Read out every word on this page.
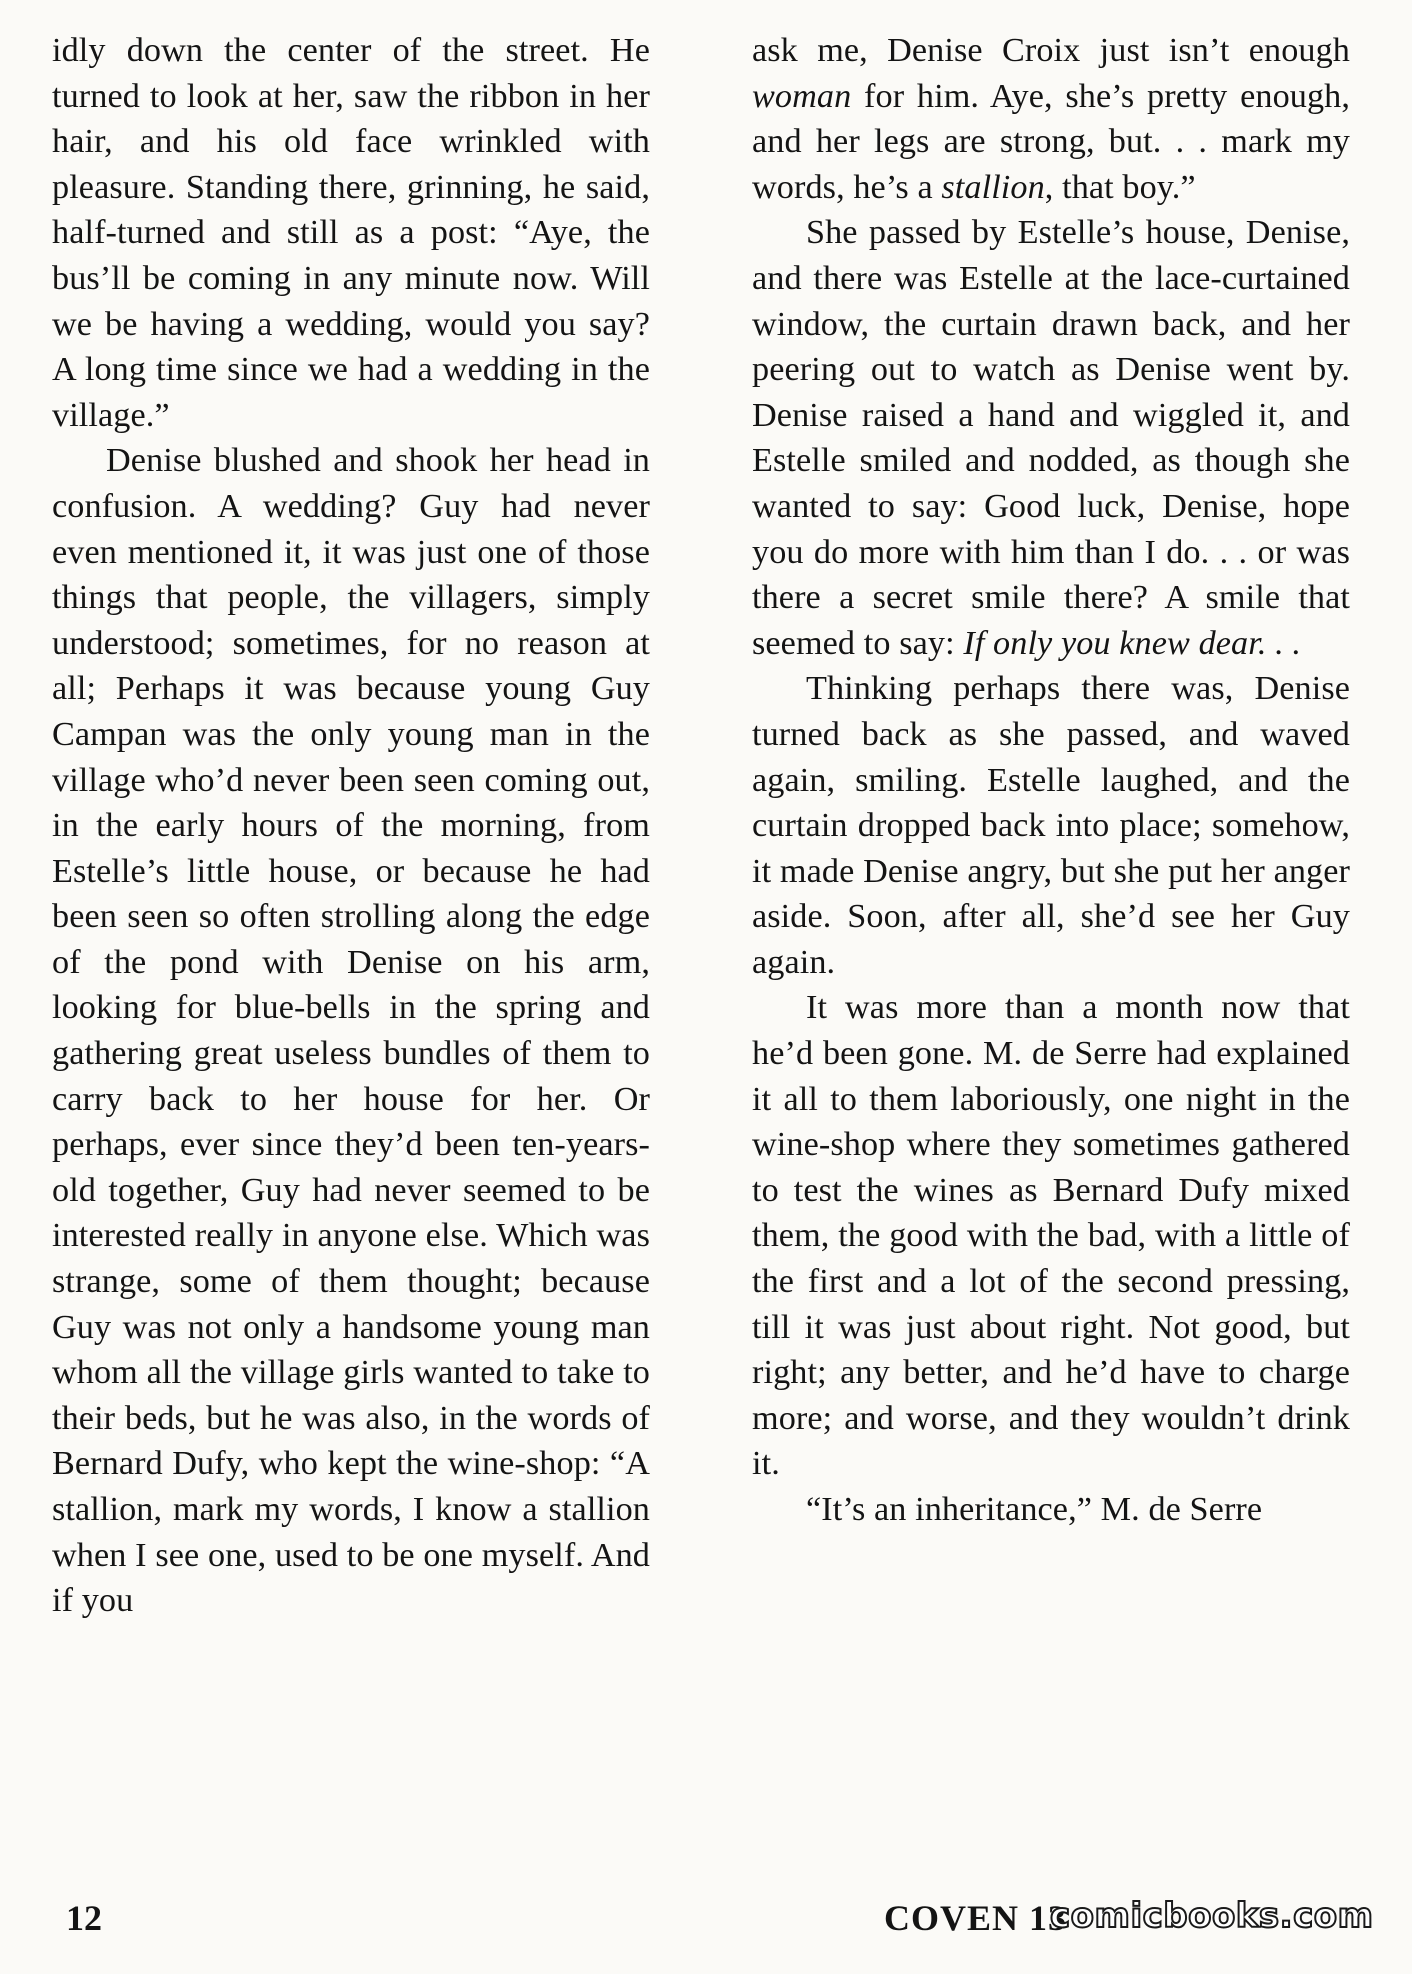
idly down the center of the street. He turned to look at her, saw the ribbon in her hair, and his old face wrinkled with pleasure. Standing there, grinning, he said, half-turned and still as a post: “Aye, the bus’ll be coming in any minute now. Will we be having a wedding, would you say? A long time since we had a wedding in the village.”

Denise blushed and shook her head in confusion. A wedding? Guy had never even mentioned it, it was just one of those things that people, the villagers, simply understood; sometimes, for no reason at all; Perhaps it was because young Guy Campan was the only young man in the village who’d never been seen coming out, in the early hours of the morning, from Estelle’s little house, or because he had been seen so often strolling along the edge of the pond with Denise on his arm, looking for blue-bells in the spring and gathering great useless bundles of them to carry back to her house for her. Or perhaps, ever since they’d been ten-years-old together, Guy had never seemed to be interested really in anyone else. Which was strange, some of them thought; because Guy was not only a handsome young man whom all the village girls wanted to take to their beds, but he was also, in the words of Bernard Dufy, who kept the wine-shop: “A stallion, mark my words, I know a stallion when I see one, used to be one myself. And if you

ask me, Denise Croix just isn’t enough woman for him. Aye, she’s pretty enough, and her legs are strong, but. . . mark my words, he’s a stallion, that boy.”

She passed by Estelle’s house, Denise, and there was Estelle at the lace-curtained window, the curtain drawn back, and her peering out to watch as Denise went by. Denise raised a hand and wiggled it, and Estelle smiled and nodded, as though she wanted to say: Good luck, Denise, hope you do more with him than I do. . . or was there a secret smile there? A smile that seemed to say: If only you knew dear. . .

Thinking perhaps there was, Denise turned back as she passed, and waved again, smiling. Estelle laughed, and the curtain dropped back into place; somehow, it made Denise angry, but she put her anger aside. Soon, after all, she’d see her Guy again.

It was more than a month now that he’d been gone. M. de Serre had explained it all to them laboriously, one night in the wine-shop where they sometimes gathered to test the wines as Bernard Dufy mixed them, the good with the bad, with a little of the first and a lot of the second pressing, till it was just about right. Not good, but right; any better, and he’d have to charge more; and worse, and they wouldn’t drink it.

“It’s an inheritance,” M. de Serre

12	COVEN 13
comicbooks.com
